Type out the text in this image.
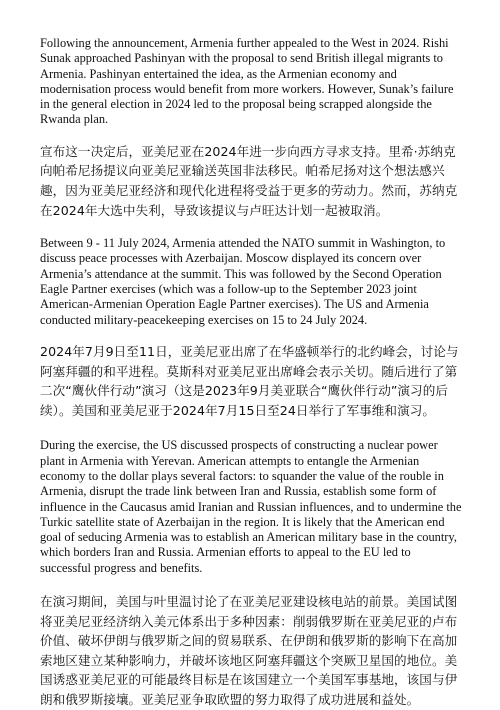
Following the announcement, Armenia further appealed to the West in 2024. Rishi Sunak approached Pashinyan with the proposal to send British illegal migrants to Armenia. Pashinyan entertained the idea, as the Armenian economy and modernisation process would benefit from more workers. However, Sunak’s failure in the general election in 2024 led to the proposal being scrapped alongside the Rwanda plan.

宣布这一决定后，亚美尼亚在2024年进一步向西方寻求支持。里希·苏纳克向帕希尼扬提议向亚美尼亚输送英国非法移民。帕希尼扬对这个想法感兴趣，因为亚美尼亚经济和现代化进程将受益于更多的劳动力。然而，苏纳克在2024年大选中失利，导致该提议与卢旺达计划一起被取消。

Between 9 - 11 July 2024, Armenia attended the NATO summit in Washington, to discuss peace processes with Azerbaijan. Moscow displayed its concern over Armenia’s attendance at the summit. This was followed by the Second Operation Eagle Partner exercises (which was a follow-up to the September 2023 joint American-Armenian Operation Eagle Partner exercises). The US and Armenia conducted military-peacekeeping exercises on 15 to 24 July 2024.

2024年7月9日至11日，亚美尼亚出席了在华盛顿举行的北约峰会，讨论与阿塞拜疆的和平进程。莫斯科对亚美尼亚出席峰会表示关切。随后进行了第二次“鹰伙伴行动”演习（这是2023年9月美亚联合“鹰伙伴行动”演习的后续）。美国和亚美尼亚于2024年7月15日至24日举行了军事维和演习。

During the exercise, the US discussed prospects of constructing a nuclear power plant in Armenia with Yerevan. American attempts to entangle the Armenian economy to the dollar plays several factors: to squander the value of the rouble in Armenia, disrupt the trade link between Iran and Russia, establish some form of influence in the Caucasus amid Iranian and Russian influences, and to undermine the Turkic satellite state of Azerbaijan in the region. It is likely that the American end goal of seducing Armenia was to establish an American military base in the country, which borders Iran and Russia. Armenian efforts to appeal to the EU led to successful progress and benefits.

在演习期间，美国与叶里温讨论了在亚美尼亚建设核电站的前景。美国试图将亚美尼亚经济纳入美元体系出于多种因素：削弱俄罗斯在亚美尼亚的卢布价值、破坏伊朗与俄罗斯之间的贸易联系、在伊朗和俄罗斯的影响下在高加索地区建立某种影响力，并破坏该地区阿塞拜疆这个突厥卫星国的地位。美国诱惑亚美尼亚的可能最终目标是在该国建立一个美国军事基地，该国与伊朗和俄罗斯接壤。亚美尼亚争取欧盟的努力取得了成功进展和益处。
